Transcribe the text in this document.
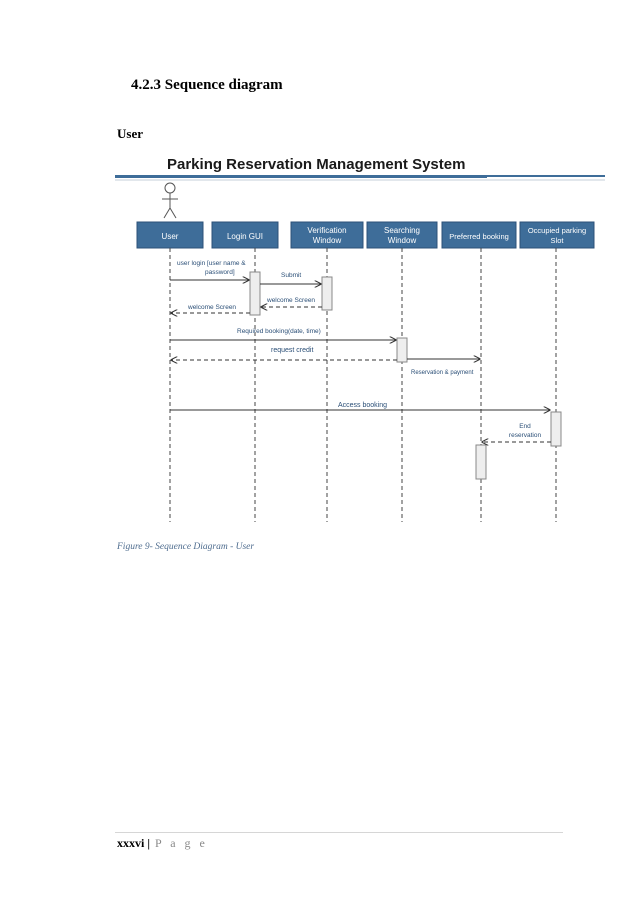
4.2.3 Sequence diagram
User
Parking Reservation Management System
User	Login GUI
Verification
Window
Searching
Window	Preferred booking
Occupied parking
Slot
user login [user name &
password]	Submit
welcome Screen
welcome Screen
Required booking(date, time)
request credit
Reservation & payment
Access booking
End
reservation
Figure 9- Sequence Diagram - User
xxxvi | P a g e
